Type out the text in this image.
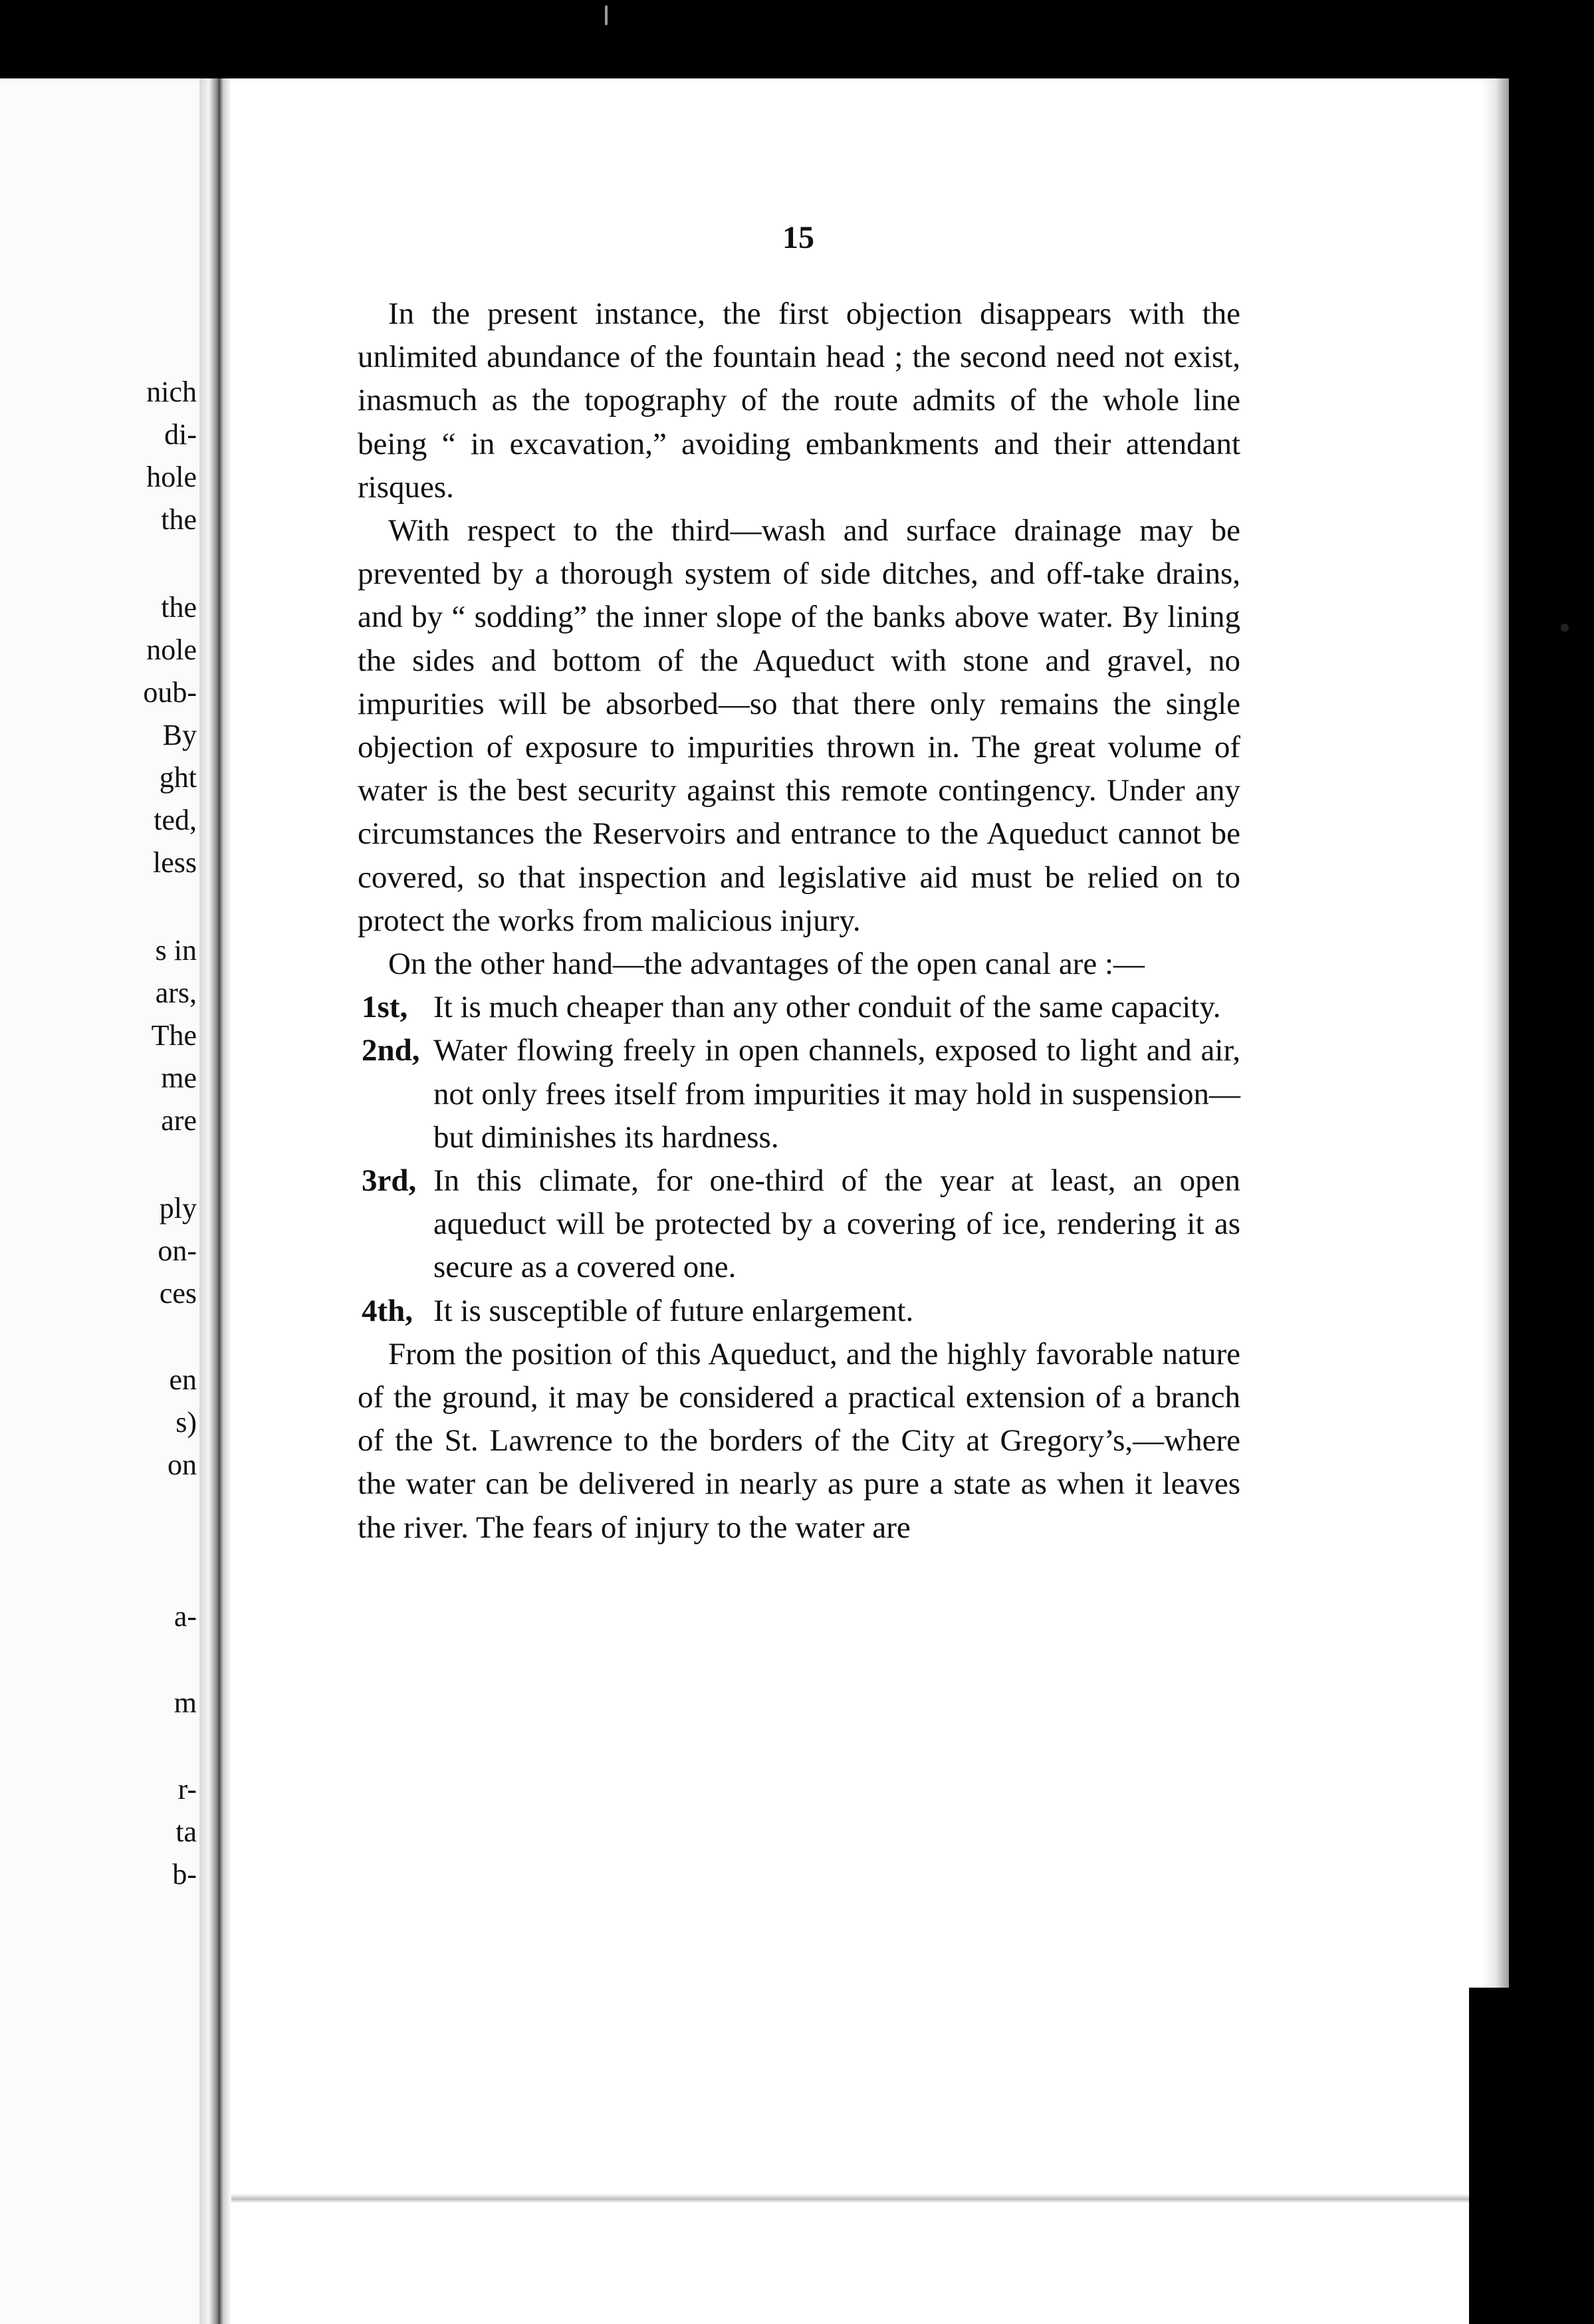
nich
di-
hole
the
the
nole
oub-
By
ght
ted,
less
s in
ars,
The
me
are
ply
on-
ces
en
s)
on
a-
m
r-
ta
b-
15

In the present instance, the first objection disappears with the unlimited abundance of the fountain head ; the second need not exist, inasmuch as the topography of the route admits of the whole line being “ in excavation,” avoiding embankments and their attendant risques.

With respect to the third—wash and surface drainage may be prevented by a thorough system of side ditches, and off-take drains, and by “ sodding” the inner slope of the banks above water. By lining the sides and bottom of the Aqueduct with stone and gravel, no impurities will be absorbed—so that there only remains the single objection of exposure to impurities thrown in. The great volume of water is the best security against this remote contingency. Under any circumstances the Reservoirs and entrance to the Aqueduct cannot be covered, so that inspection and legislative aid must be relied on to protect the works from malicious injury.

On the other hand—the advantages of the open canal are :—

1st, It is much cheaper than any other conduit of the same capacity.
2nd, Water flowing freely in open channels, exposed to light and air, not only frees itself from impurities it may hold in suspension—but diminishes its hardness.
3rd, In this climate, for one-third of the year at least, an open aqueduct will be protected by a covering of ice, rendering it as secure as a covered one.
4th, It is susceptible of future enlargement.

From the position of this Aqueduct, and the highly favorable nature of the ground, it may be considered a practical extension of a branch of the St. Lawrence to the borders of the City at Gregory’s,—where the water can be delivered in nearly as pure a state as when it leaves the river. The fears of injury to the water are
